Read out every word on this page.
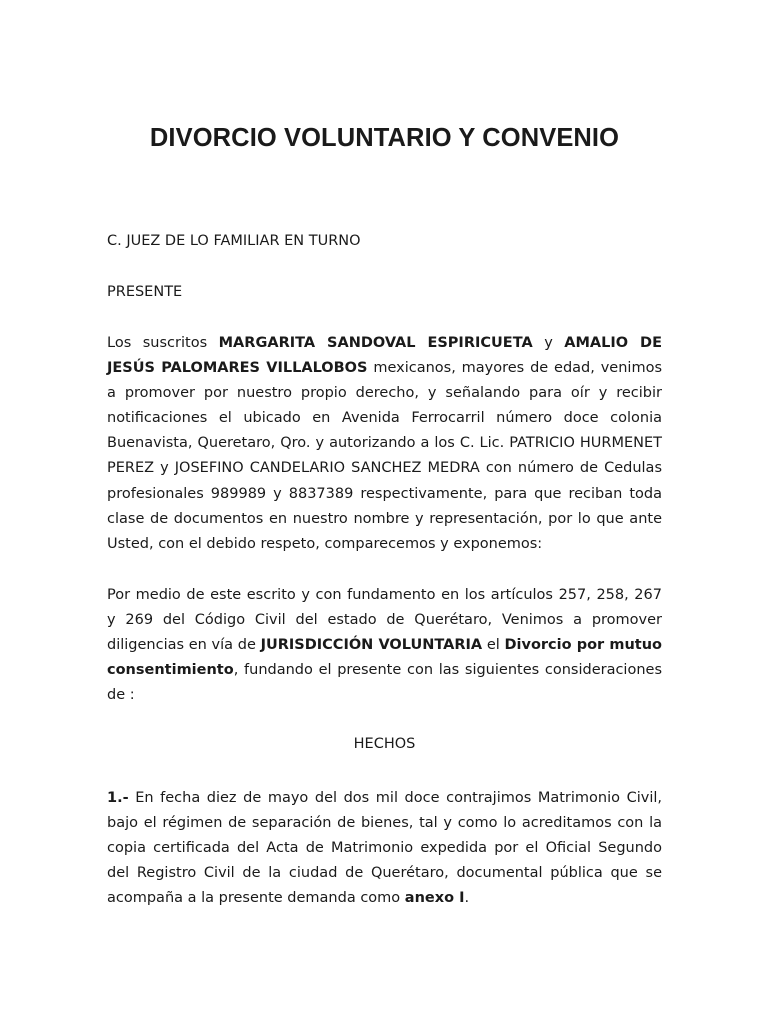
DIVORCIO VOLUNTARIO Y CONVENIO

C. JUEZ DE LO FAMILIAR EN TURNO

PRESENTE

Los suscritos MARGARITA SANDOVAL ESPIRICUETA y AMALIO DE JESÚS PALOMARES VILLALOBOS mexicanos, mayores de edad, venimos a promover por nuestro propio derecho, y señalando para oír y recibir notificaciones el ubicado en Avenida Ferrocarril número doce colonia Buenavista, Queretaro, Qro. y autorizando a los C. Lic. PATRICIO HURMENET PEREZ y JOSEFINO CANDELARIO SANCHEZ MEDRA con número de Cedulas profesionales 989989 y 8837389 respectivamente, para que reciban toda clase de documentos en nuestro nombre y representación, por lo que ante Usted, con el debido respeto, comparecemos y exponemos:

Por medio de este escrito y con fundamento en los artículos 257, 258, 267 y 269 del Código Civil del estado de Querétaro, Venimos a promover diligencias en vía de JURISDICCIÓN VOLUNTARIA el Divorcio por mutuo consentimiento, fundando el presente con las siguientes consideraciones de :

HECHOS

1.- En fecha diez de mayo del dos mil doce contrajimos Matrimonio Civil, bajo el régimen de separación de bienes, tal y como lo acreditamos con la copia certificada del Acta de Matrimonio expedida por el Oficial Segundo del Registro Civil de la ciudad de Querétaro, documental pública que se acompaña a la presente demanda como anexo I.
